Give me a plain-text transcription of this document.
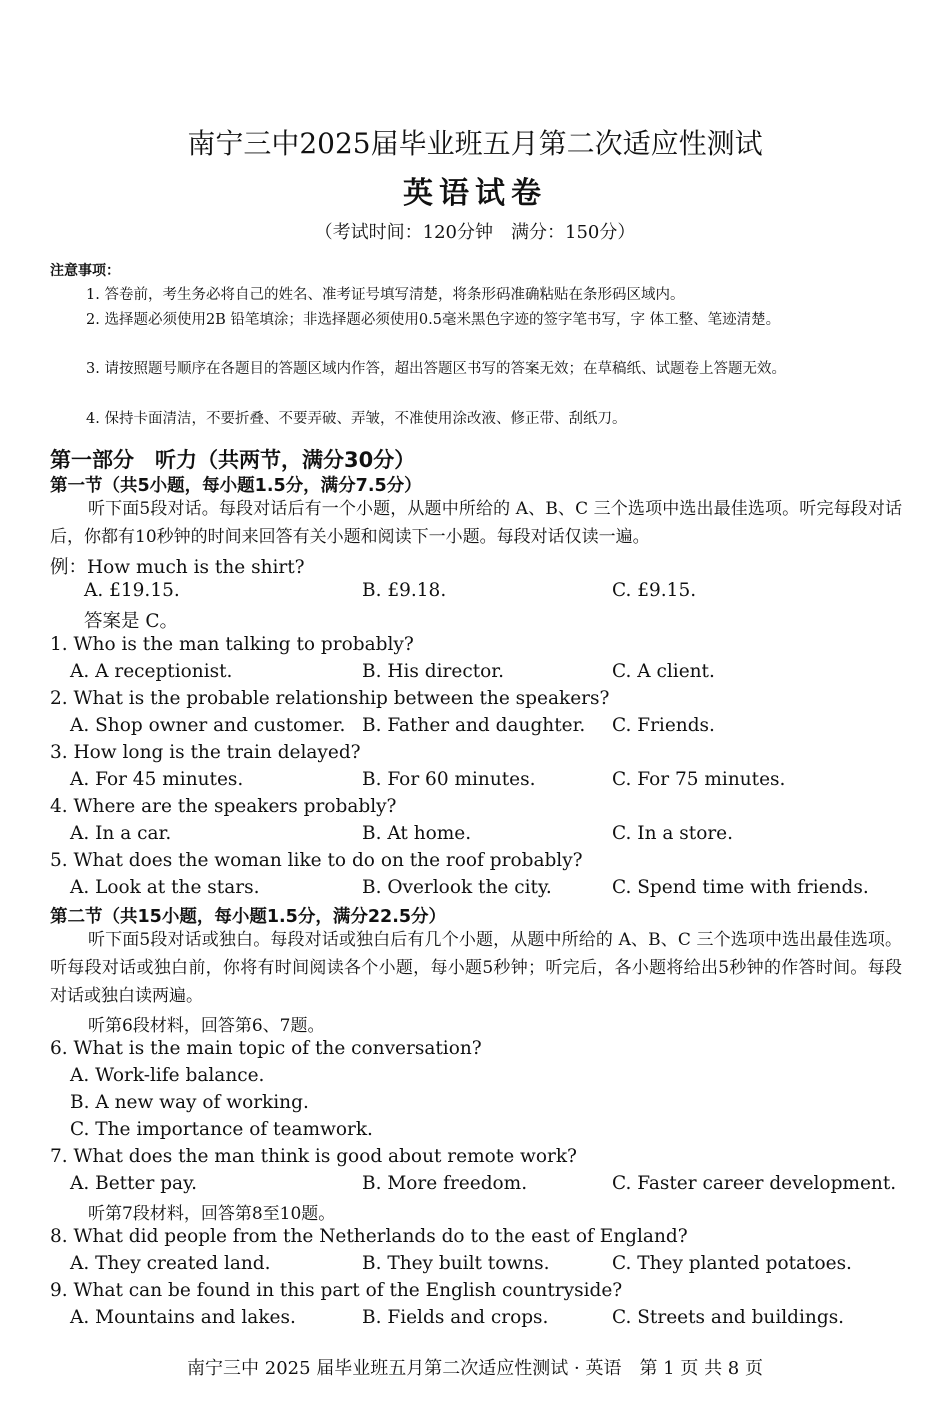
南宁三中2025届毕业班五月第二次适应性测试
英语试卷
（考试时间：120分钟　满分：150分）
注意事项：
1. 答卷前，考生务必将自己的姓名、准考证号填写清楚，将条形码准确粘贴在条形码区域内。
2. 选择题必须使用2B 铅笔填涂；非选择题必须使用0.5毫米黑色字迹的签字笔书写，字 体工整、笔迹清楚。
3. 请按照题号顺序在各题目的答题区域内作答，超出答题区书写的答案无效；在草稿纸、试题卷上答题无效。
4. 保持卡面清洁，不要折叠、不要弄破、弄皱，不准使用涂改液、修正带、刮纸刀。
第一部分　听力（共两节，满分30分）
第一节（共5小题，每小题1.5分，满分7.5分）
听下面5段对话。每段对话后有一个小题，从题中所给的 A、B、C 三个选项中选出最佳选项。听完每段对话后，你都有10秒钟的时间来回答有关小题和阅读下一小题。每段对话仅读一遍。
例：How much is the shirt?
A. £19.15.	B. £9.18.	C. £9.15.
答案是 C。
1. Who is the man talking to probably?
A. A receptionist.	B. His director.	C. A client.
2. What is the probable relationship between the speakers?
A. Shop owner and customer. B. Father and daughter. C. Friends.
3. How long is the train delayed?
A. For 45 minutes.	B. For 60 minutes.	C. For 75 minutes.
4. Where are the speakers probably?
A. In a car.	B. At home.	C. In a store.
5. What does the woman like to do on the roof probably?
A. Look at the stars.	B. Overlook the city.	C. Spend time with friends.
第二节（共15小题，每小题1.5分，满分22.5分）
听下面5段对话或独白。每段对话或独白后有几个小题，从题中所给的 A、B、C 三个选项中选出最佳选项。听每段对话或独白前，你将有时间阅读各个小题，每小题5秒钟；听完后，各小题将给出5秒钟的作答时间。每段对话或独白读两遍。
听第6段材料，回答第6、7题。
6. What is the main topic of the conversation?
A. Work-life balance.
B. A new way of working.
C. The importance of teamwork.
7. What does the man think is good about remote work?
A. Better pay.	B. More freedom.	C. Faster career development.
听第7段材料，回答第8至10题。
8. What did people from the Netherlands do to the east of England?
A. They created land.	B. They built towns.	C. They planted potatoes.
9. What can be found in this part of the English countryside?
A. Mountains and lakes.	B. Fields and crops.	C. Streets and buildings.
南宁三中 2025 届毕业班五月第二次适应性测试 · 英语　第 1 页 共 8 页
